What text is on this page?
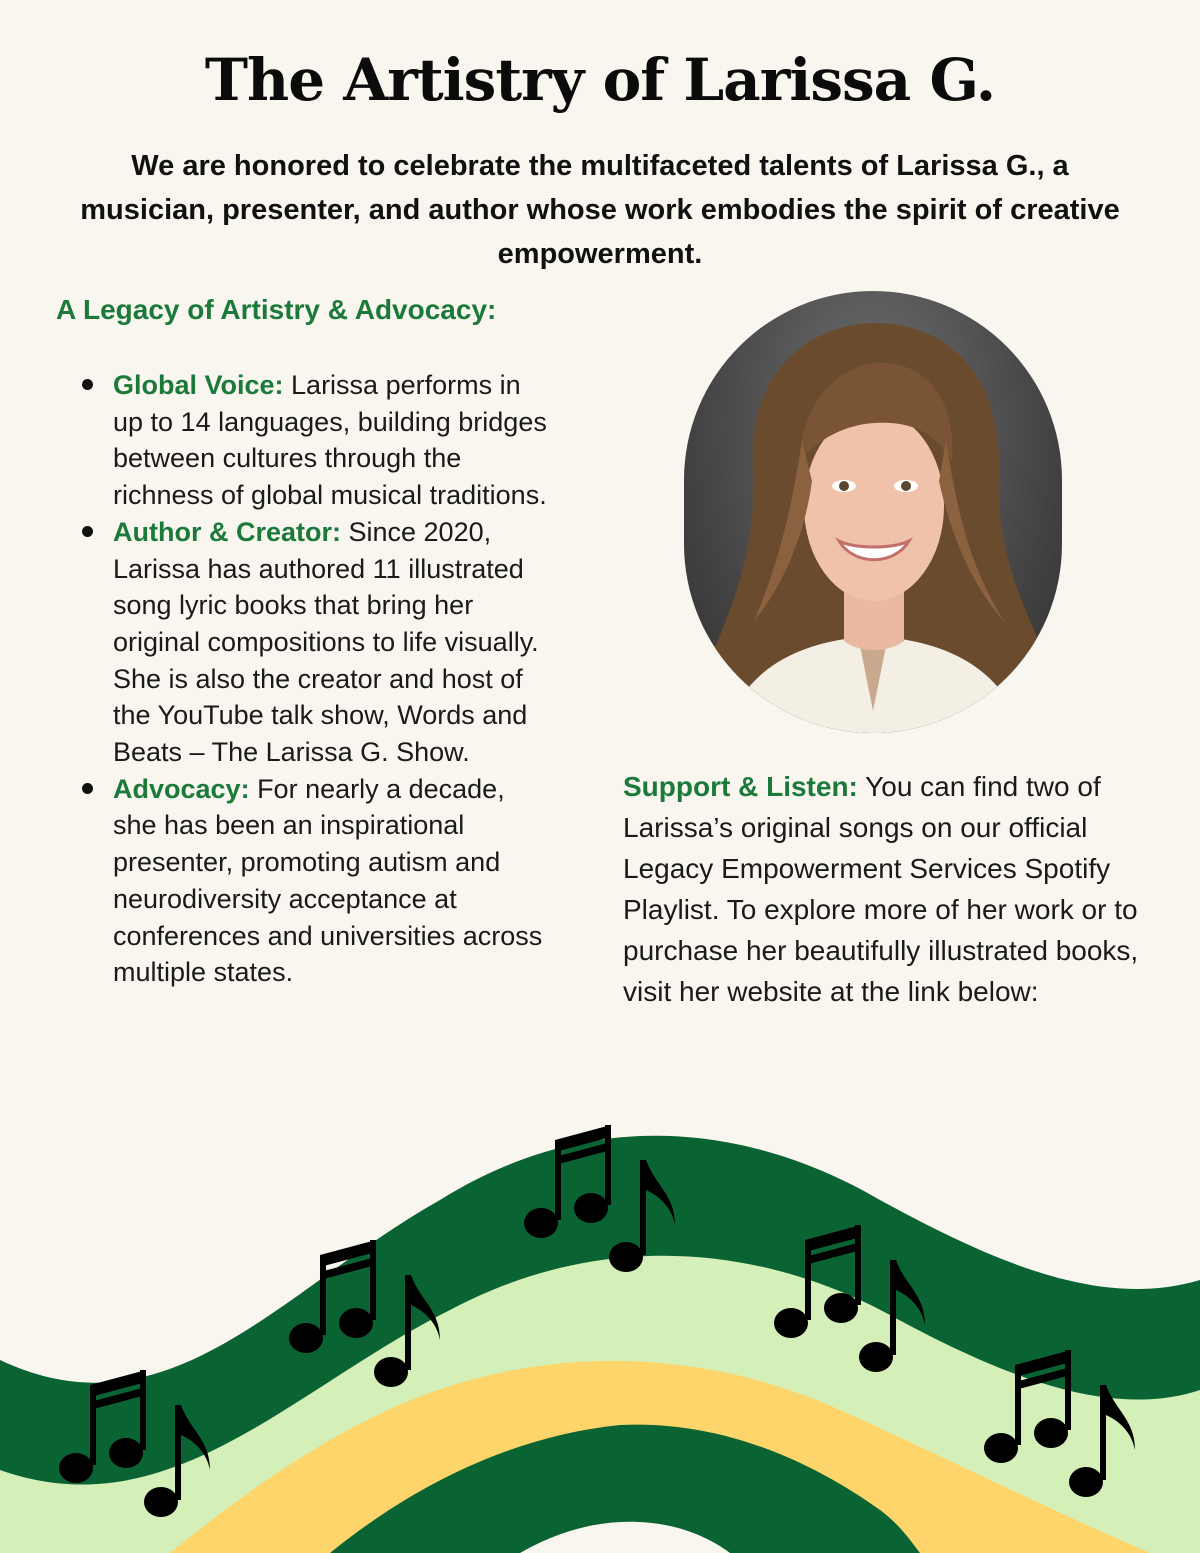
The Artistry of Larissa G.
We are honored to celebrate the multifaceted talents of Larissa G., a musician, presenter, and author whose work embodies the spirit of creative empowerment.
A Legacy of Artistry & Advocacy:
Global Voice: Larissa performs in up to 14 languages, building bridges between cultures through the richness of global musical traditions.
Author & Creator: Since 2020, Larissa has authored 11 illustrated song lyric books that bring her original compositions to life visually. She is also the creator and host of the YouTube talk show, Words and Beats – The Larissa G. Show.
Advocacy: For nearly a decade, she has been an inspirational presenter, promoting autism and neurodiversity acceptance at conferences and universities across multiple states.
Support & Listen: You can find two of Larissa’s original songs on our official Legacy Empowerment Services Spotify Playlist. To explore more of her work or to purchase her beautifully illustrated books, visit her website at the link below:
